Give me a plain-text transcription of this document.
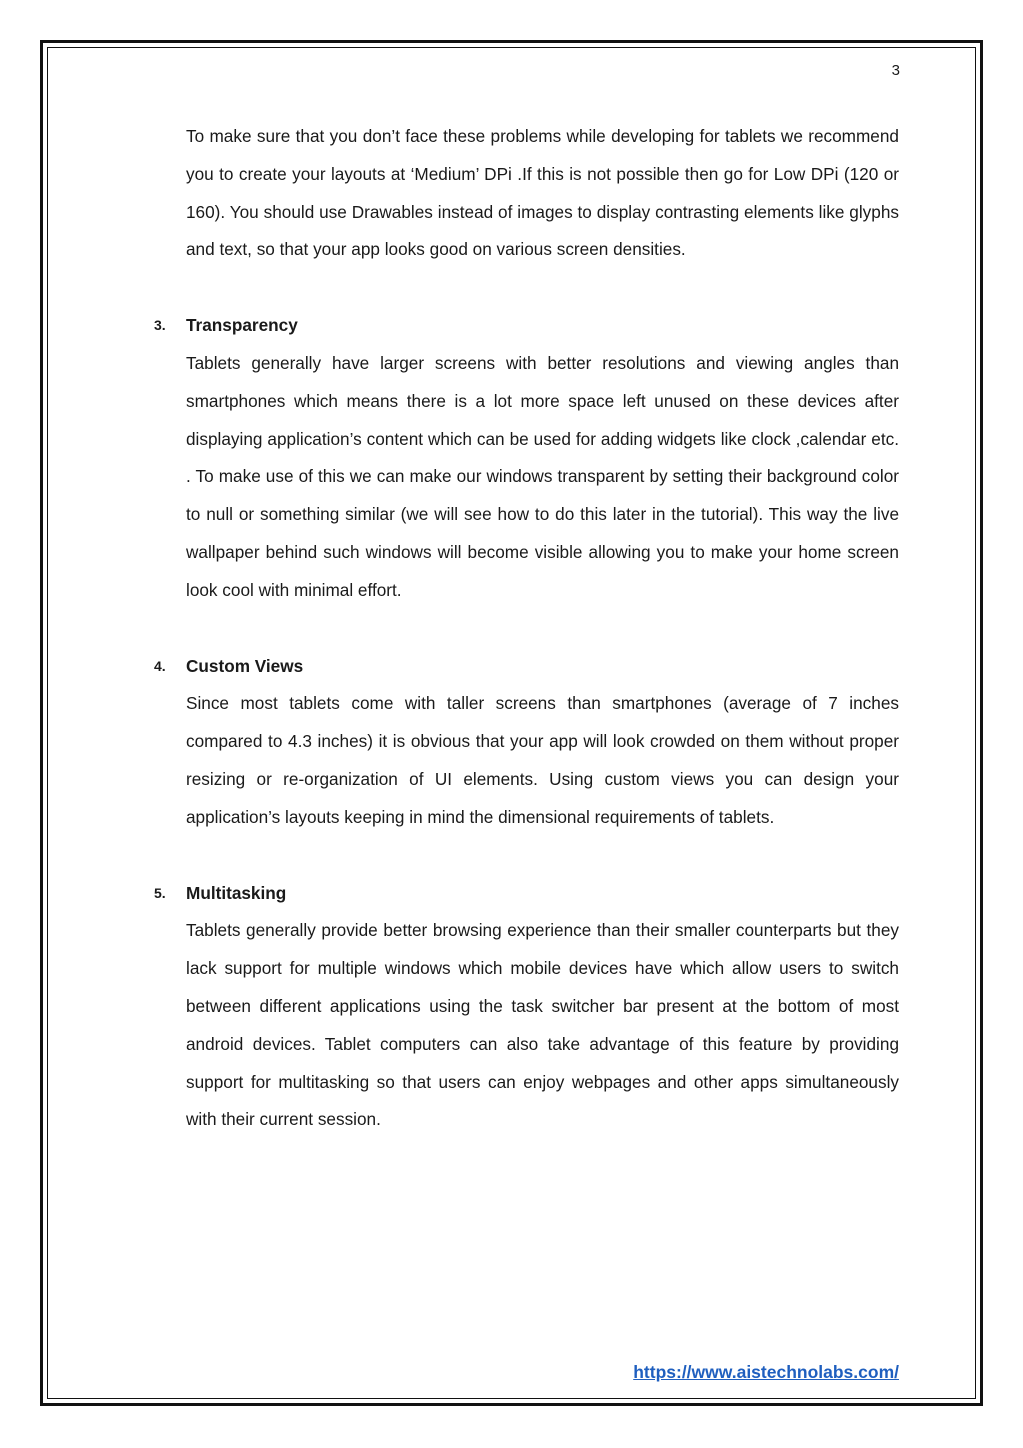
3

To make sure that you don’t face these problems while developing for tablets we recommend you to create your layouts at ‘Medium’ DPi .If this is not possible then go for Low DPi (120 or 160). You should use Drawables instead of images to display contrasting elements like glyphs and text, so that your app looks good on various screen densities.

3. Transparency

Tablets generally have larger screens with better resolutions and viewing angles than smartphones which means there is a lot more space left unused on these devices after displaying application’s content which can be used for adding widgets like clock ,calendar etc. . To make use of this we can make our windows transparent by setting their background color to null or something similar (we will see how to do this later in the tutorial). This way the live wallpaper behind such windows will become visible allowing you to make your home screen look cool with minimal effort.

4. Custom Views

Since most tablets come with taller screens than smartphones (average of 7 inches compared to 4.3 inches) it is obvious that your app will look crowded on them without proper resizing or re-organization of UI elements. Using custom views you can design your application’s layouts keeping in mind the dimensional requirements of tablets.

5. Multitasking

Tablets generally provide better browsing experience than their smaller counterparts but they lack support for multiple windows which mobile devices have which allow users to switch between different applications using the task switcher bar present at the bottom of most android devices. Tablet computers can also take advantage of this feature by providing support for multitasking so that users can enjoy webpages and other apps simultaneously with their current session.

https://www.aistechnolabs.com/
